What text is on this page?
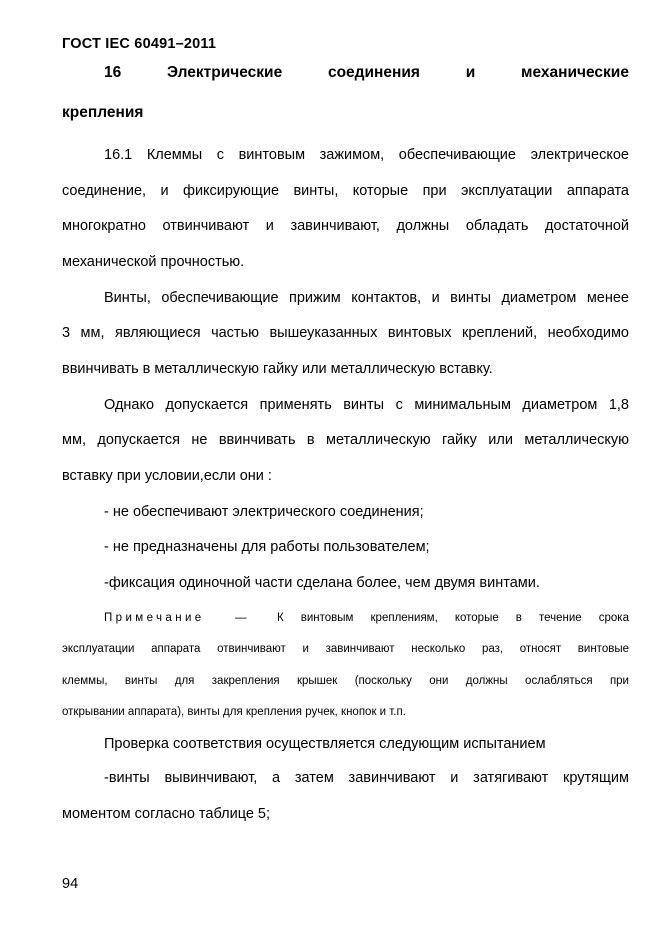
ГОСТ IEC 60491–2011
16	Электрические	соединения	и	механические
крепления
16.1 Клеммы с винтовым зажимом, обеспечивающие электрическое
соединение, и фиксирующие винты, которые при эксплуатации аппарата
многократно отвинчивают и завинчивают, должны обладать достаточной
механической прочностью.
Винты, обеспечивающие прижим контактов, и винты диаметром менее
3 мм, являющиеся частью вышеуказанных винтовых креплений, необходимо
ввинчивать в металлическую гайку или металлическую вставку.
Однако допускается применять винты с минимальным диаметром 1,8
мм, допускается не ввинчивать в металлическую гайку или металлическую
вставку при условии,если они :
- не обеспечивают электрического соединения;
- не предназначены для работы пользователем;
-фиксация одиночной части сделана более, чем двумя винтами.
Примечание	—	К винтовым креплениям, которые в течение срока
эксплуатации аппарата отвинчивают и завинчивают несколько раз, относят винтовые
клеммы, винты для закрепления крышек (поскольку они должны ослабляться при
открывании аппарата), винты для крепления ручек, кнопок и т.п.
Проверка соответствия осуществляется следующим испытанием
-винты вывинчивают, а затем завинчивают и затягивают крутящим
моментом согласно таблице 5;
94
